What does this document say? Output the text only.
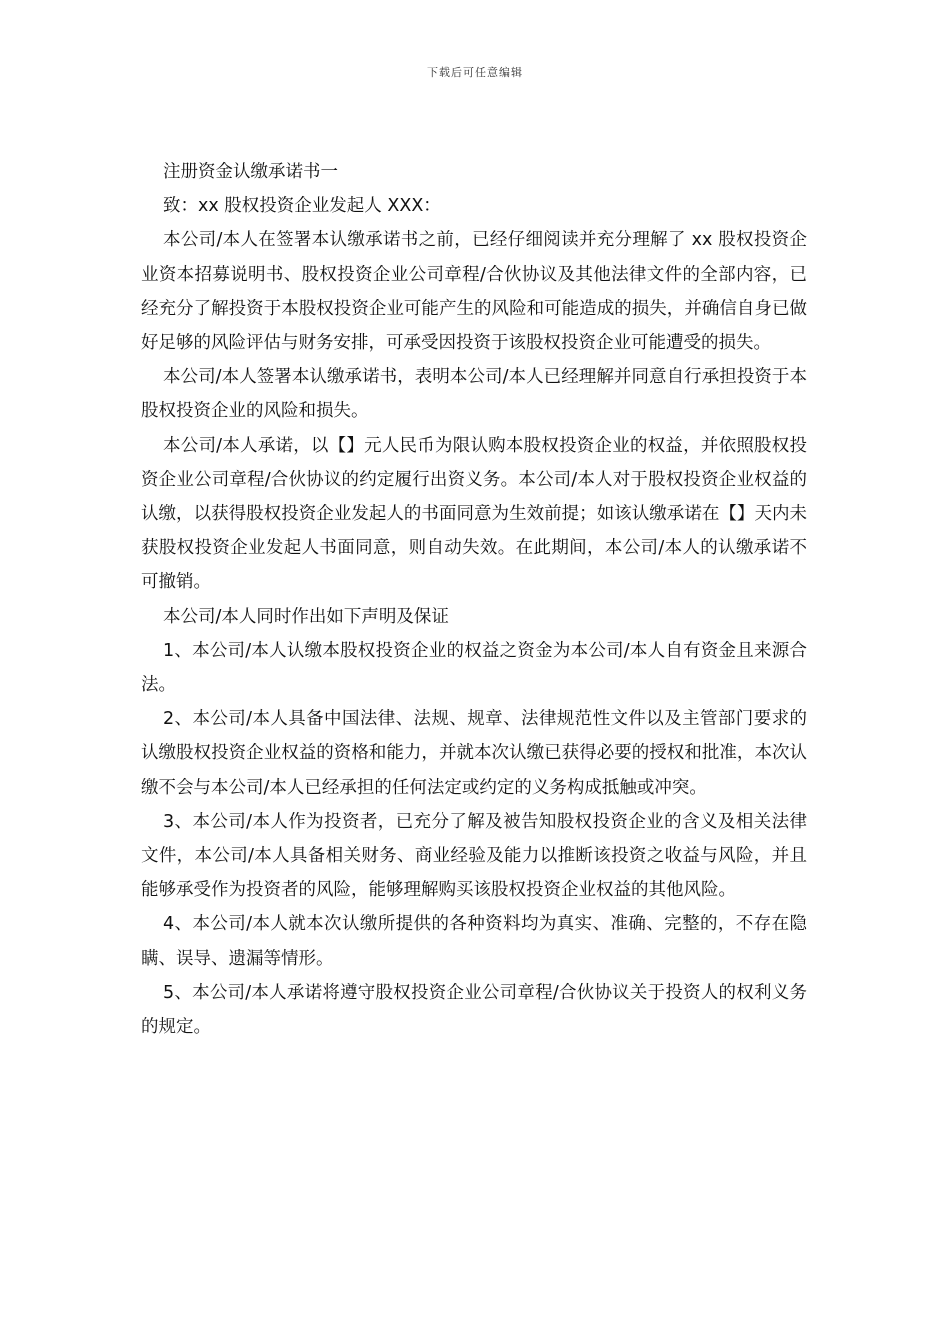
下载后可任意编辑

注册资金认缴承诺书一

致：xx 股权投资企业发起人 XXX：

本公司/本人在签署本认缴承诺书之前，已经仔细阅读并充分理解了 xx 股权投资企业资本招募说明书、股权投资企业公司章程/合伙协议及其他法律文件的全部内容，已经充分了解投资于本股权投资企业可能产生的风险和可能造成的损失，并确信自身已做好足够的风险评估与财务安排，可承受因投资于该股权投资企业可能遭受的损失。

本公司/本人签署本认缴承诺书，表明本公司/本人已经理解并同意自行承担投资于本股权投资企业的风险和损失。

本公司/本人承诺，以【】元人民币为限认购本股权投资企业的权益，并依照股权投资企业公司章程/合伙协议的约定履行出资义务。本公司/本人对于股权投资企业权益的认缴，以获得股权投资企业发起人的书面同意为生效前提；如该认缴承诺在【】天内未获股权投资企业发起人书面同意，则自动失效。在此期间，本公司/本人的认缴承诺不可撤销。

本公司/本人同时作出如下声明及保证

1、本公司/本人认缴本股权投资企业的权益之资金为本公司/本人自有资金且来源合法。

2、本公司/本人具备中国法律、法规、规章、法律规范性文件以及主管部门要求的认缴股权投资企业权益的资格和能力，并就本次认缴已获得必要的授权和批准，本次认缴不会与本公司/本人已经承担的任何法定或约定的义务构成抵触或冲突。

3、本公司/本人作为投资者，已充分了解及被告知股权投资企业的含义及相关法律文件，本公司/本人具备相关财务、商业经验及能力以推断该投资之收益与风险，并且能够承受作为投资者的风险，能够理解购买该股权投资企业权益的其他风险。

4、本公司/本人就本次认缴所提供的各种资料均为真实、准确、完整的，不存在隐瞒、误导、遗漏等情形。

5、本公司/本人承诺将遵守股权投资企业公司章程/合伙协议关于投资人的权利义务的规定。
